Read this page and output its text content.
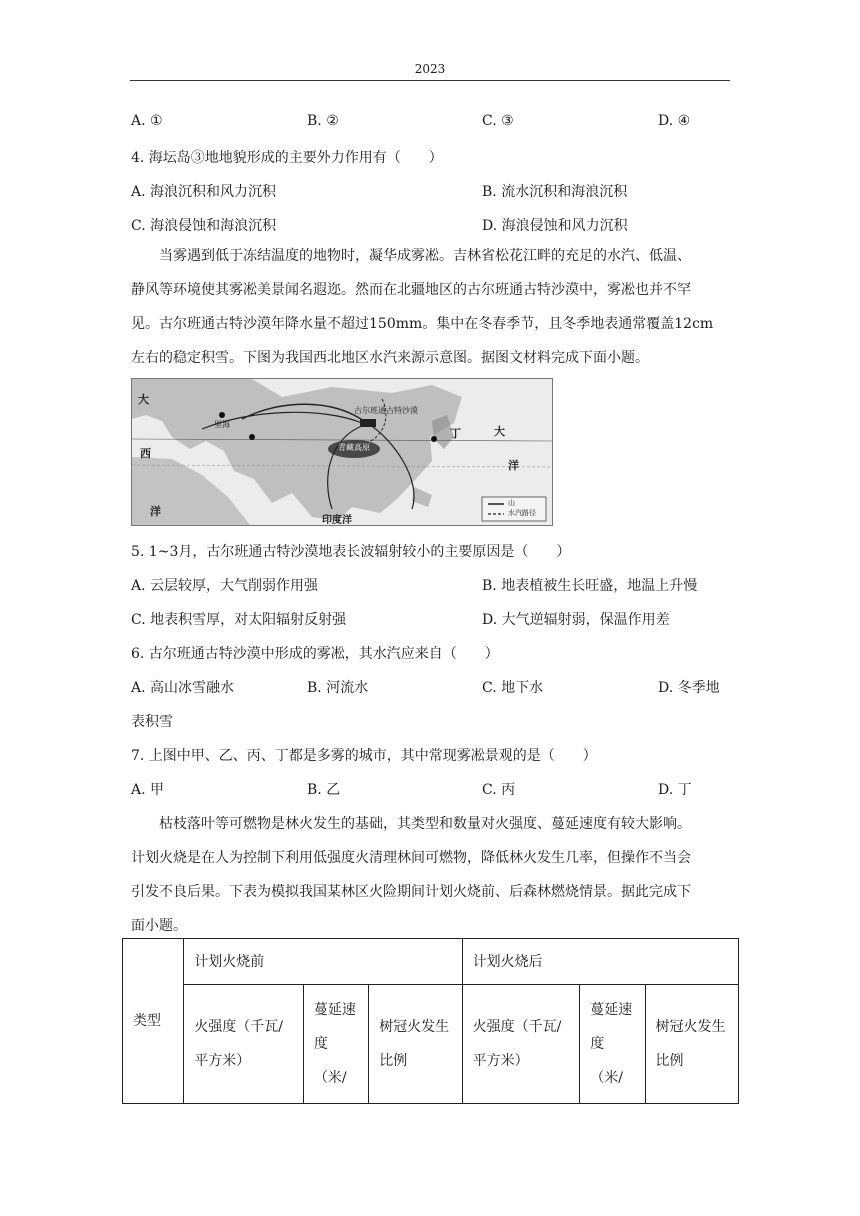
2023
A. ①	B. ②	C. ③	D. ④
4. 海坛岛③地地貌形成的主要外力作用有（　　）
A. 海浪沉积和风力沉积	B. 流水沉积和海浪沉积
C. 海浪侵蚀和海浪沉积	D. 海浪侵蚀和风力沉积
当雾遇到低于冻结温度的地物时，凝华成雾凇。吉林省松花江畔的充足的水汽、低温、
静风等环境使其雾凇美景闻名遐迩。然而在北疆地区的古尔班通古特沙漠中，雾凇也并不罕
见。古尔班通古特沙漠年降水量不超过150mm。集中在冬春季节，且冬季地表通常覆盖12cm
左右的稳定积雪。下图为我国西北地区水汽来源示意图。据图文材料完成下面小题。
古尔班通古特沙漠
青藏高原
里海
大
西
洋
大
洋
丁
印度洋
山
水汽路径
5. 1~3月，古尔班通古特沙漠地表长波辐射较小的主要原因是（　　）
A. 云层较厚，大气削弱作用强	B. 地表植被生长旺盛，地温上升慢
C. 地表积雪厚，对太阳辐射反射强	D. 大气逆辐射弱，保温作用差
6. 古尔班通古特沙漠中形成的雾凇，其水汽应来自（　　）
A. 高山冰雪融水	B. 河流水	C. 地下水	D. 冬季地
表积雪
7. 上图中甲、乙、丙、丁都是多雾的城市，其中常现雾凇景观的是（　　）
A. 甲	B. 乙	C. 丙	D. 丁
枯枝落叶等可燃物是林火发生的基础，其类型和数量对火强度、蔓延速度有较大影响。
计划火烧是在人为控制下利用低强度火清理林间可燃物，降低林火发生几率，但操作不当会
引发不良后果。下表为模拟我国某林区火险期间计划火烧前、后森林燃烧情景。据此完成下
面小题。
类型	计划火烧前			计划火烧后		
	火强度（千瓦/平方米）	蔓延速度（米/	树冠火发生比例	火强度（千瓦/平方米）	蔓延速度（米/	树冠火发生比例
